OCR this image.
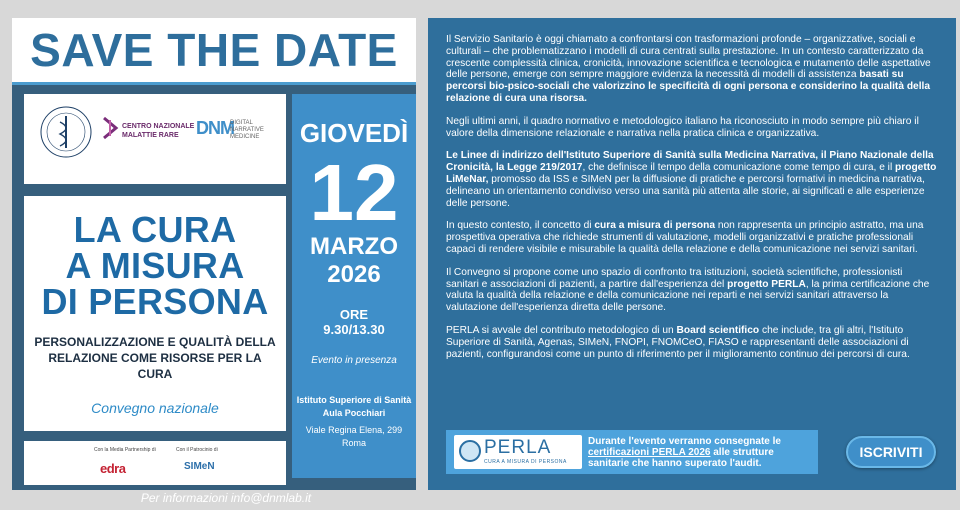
SAVE THE DATE
CENTRO NAZIONALE
MALATTIE RARE DNM
DIGITAL
NARRATIVE
MEDICINE
LA CURA
A MISURA
DI PERSONA
PERSONALIZZAZIONE E QUALITÀ DELLA RELAZIONE COME RISORSE PER LA CURA
Convegno nazionale
Con la Media Partnership di
edra
Con il Patrocinio di
SIMeN
GIOVEDÌ
12
MARZO
2026
ORE
9.30/13.30
Evento in presenza
Istituto Superiore di Sanità
Aula Pocchiari
Viale Regina Elena, 299
Roma
Per informazioni info@dnmlab.it

Il Servizio Sanitario è oggi chiamato a confrontarsi con trasformazioni profonde – organizzative, sociali e culturali – che problematizzano i modelli di cura centrati sulla prestazione. In un contesto caratterizzato da crescente complessità clinica, cronicità, innovazione scientifica e tecnologica e mutamento delle aspettative delle persone, emerge con sempre maggiore evidenza la necessità di modelli di assistenza basati su percorsi bio-psico-sociali che valorizzino le specificità di ogni persona e considerino la qualità della relazione di cura una risorsa.

Negli ultimi anni, il quadro normativo e metodologico italiano ha riconosciuto in modo sempre più chiaro il valore della dimensione relazionale e narrativa nella pratica clinica e organizzativa.

Le Linee di indirizzo dell'Istituto Superiore di Sanità sulla Medicina Narrativa, il Piano Nazionale della Cronicità, la Legge 219/2017, che definisce il tempo della comunicazione come tempo di cura, e il progetto LiMeNar, promosso da ISS e SIMeN per la diffusione di pratiche e percorsi formativi in medicina narrativa, delineano un orientamento condiviso verso una sanità più attenta alle storie, ai significati e alle esperienze delle persone.

In questo contesto, il concetto di cura a misura di persona non rappresenta un principio astratto, ma una prospettiva operativa che richiede strumenti di valutazione, modelli organizzativi e pratiche professionali capaci di rendere visibile e misurabile la qualità della relazione e della comunicazione nei servizi sanitari.

Il Convegno si propone come uno spazio di confronto tra istituzioni, società scientifiche, professionisti sanitari e associazioni di pazienti, a partire dall'esperienza del progetto PERLA, la prima certificazione che valuta la qualità della relazione e della comunicazione nei reparti e nei servizi sanitari attraverso la valutazione dell'esperienza diretta delle persone.

PERLA si avvale del contributo metodologico di un Board scientifico che include, tra gli altri, l'Istituto Superiore di Sanità, Agenas, SIMeN, FNOPI, FNOMCeO, FIASO e rappresentanti delle associazioni di pazienti, configurandosi come un punto di riferimento per il miglioramento continuo dei percorsi di cura.

PERLA
CURA A MISURA DI PERSONA
Durante l'evento verranno consegnate le certificazioni PERLA 2026 alle strutture sanitarie che hanno superato l'audit.
ISCRIVITI
